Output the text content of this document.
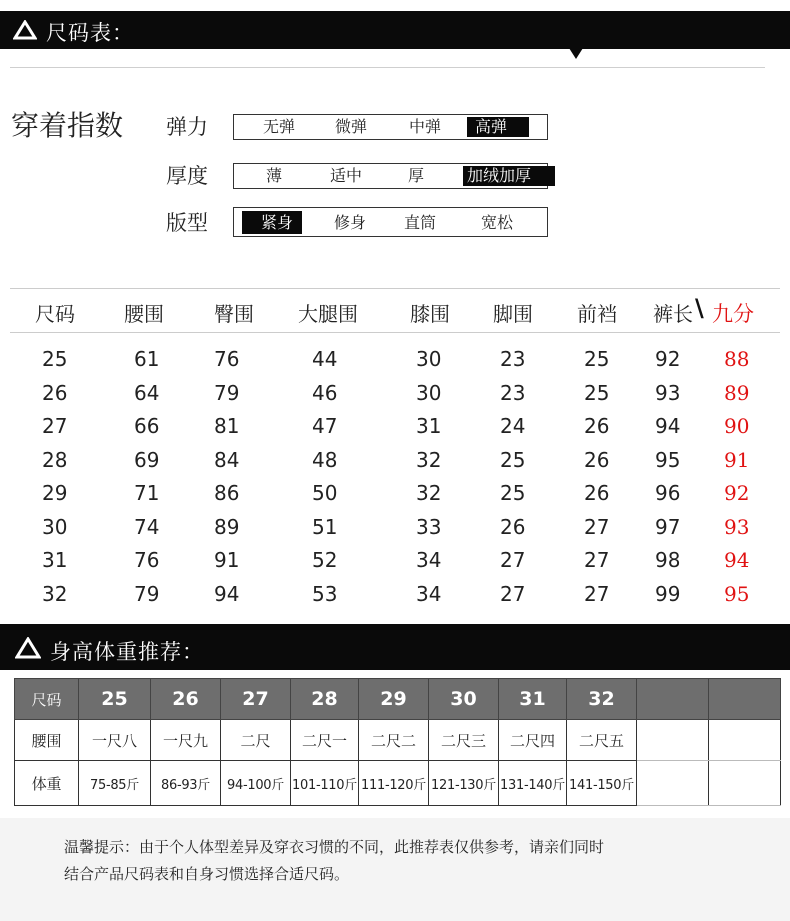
尺码表：
穿着指数 弹力	无弹 微弹	中弹	高弹
厚度	薄	适中	厚	加绒加厚
版型	紧身	修身 直筒	宽松
尺码 腰围	臀围 大腿围	膝围 脚围 前裆 裤长 \ 九分
25	61	76	44	30	23	25 92 88
26	64	79	46	30	23	25 93 89
27	66	81	47	31	24	26 94 90
28	69	84	48	32	25	26 95 91
29	71	86	50	32	25	26 96 92
30	74	89	51	33	26	27 97 93
31	76	91	52	34	27	27 98 94
32	79	94	53	34	27	27 99 95
身高体重推荐：
尺码	25	26	27	28	29	30	31	32		
腰围	一尺八	一尺九	二尺	二尺一	二尺二	二尺三	二尺四	二尺五		
体重	75-85斤	86-93斤	94-100斤	101-110斤	111-120斤	121-130斤	131-140斤	141-150斤		
温馨提示：由于个人体型差异及穿衣习惯的不同，此推荐表仅供参考，请亲们同时
结合产品尺码表和自身习惯选择合适尺码。
